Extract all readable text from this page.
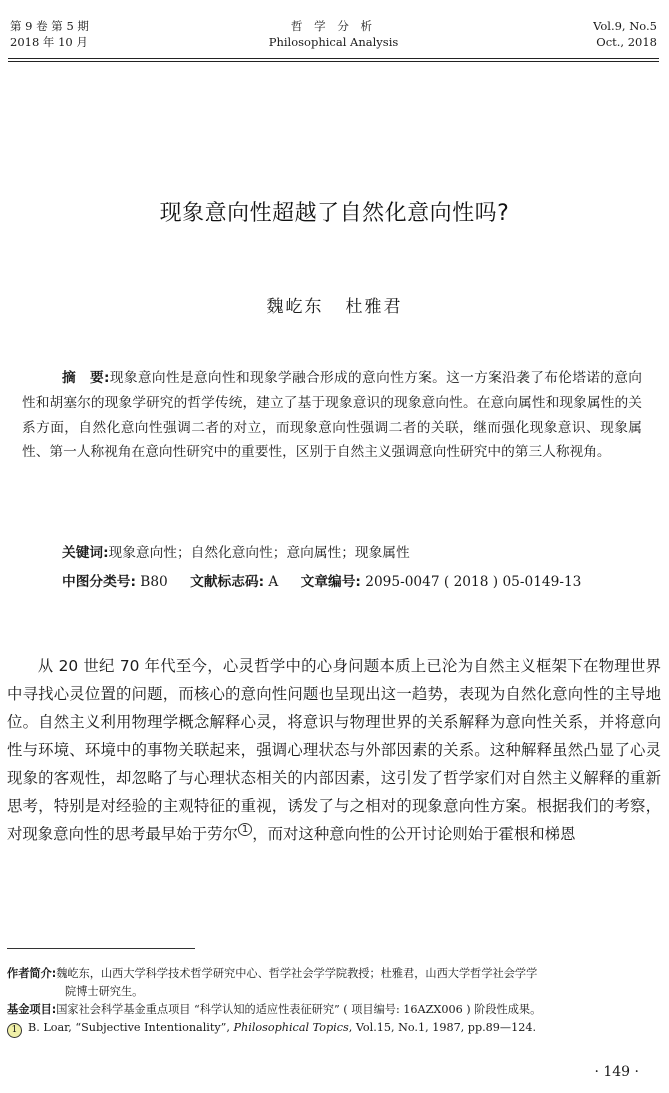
第 9 卷 第 5 期
2018 年 10 月
哲 学 分 析
Philosophical Analysis
Vol.9, No.5
Oct., 2018
现象意向性超越了自然化意向性吗?
魏屹东 杜雅君
摘　要:现象意向性是意向性和现象学融合形成的意向性方案。这一方案沿袭了布伦塔诺的意向性和胡塞尔的现象学研究的哲学传统，建立了基于现象意识的现象意向性。在意向属性和现象属性的关系方面，自然化意向性强调二者的对立，而现象意向性强调二者的关联，继而强化现象意识、现象属性、第一人称视角在意向性研究中的重要性，区别于自然主义强调意向性研究中的第三人称视角。
关键词:现象意向性；自然化意向性；意向属性；现象属性
中图分类号: B80 文献标志码: A 文章编号: 2095-0047 ( 2018 ) 05-0149-13
从 20 世纪 70 年代至今，心灵哲学中的心身问题本质上已沦为自然主义框架下在物理世界中寻找心灵位置的问题，而核心的意向性问题也呈现出这一趋势，表现为自然化意向性的主导地位。自然主义利用物理学概念解释心灵，将意识与物理世界的关系解释为意向性关系，并将意向性与环境、环境中的事物关联起来，强调心理状态与外部因素的关系。这种解释虽然凸显了心灵现象的客观性，却忽略了与心理状态相关的内部因素，这引发了哲学家们对自然主义解释的重新思考，特别是对经验的主观特征的重视，诱发了与之相对的现象意向性方案。根据我们的考察，对现象意向性的思考最早始于劳尔 $^1$ ，而对这种意向性的公开讨论则始于霍根和梯恩
作者简介:魏屹东，山西大学科学技术哲学研究中心、哲学社会学学院教授；杜雅君，山西大学哲学社会学学
院博士研究生。
基金项目:国家社会科学基金重点项目 “科学认知的适应性表征研究” ( 项目编号: 16AZX006 ) 阶段性成果。
1 B. Loar, “Subjective Intentionality”, Philosophical Topics, Vol.15, No.1, 1987, pp.89—124.
· 149 ·
